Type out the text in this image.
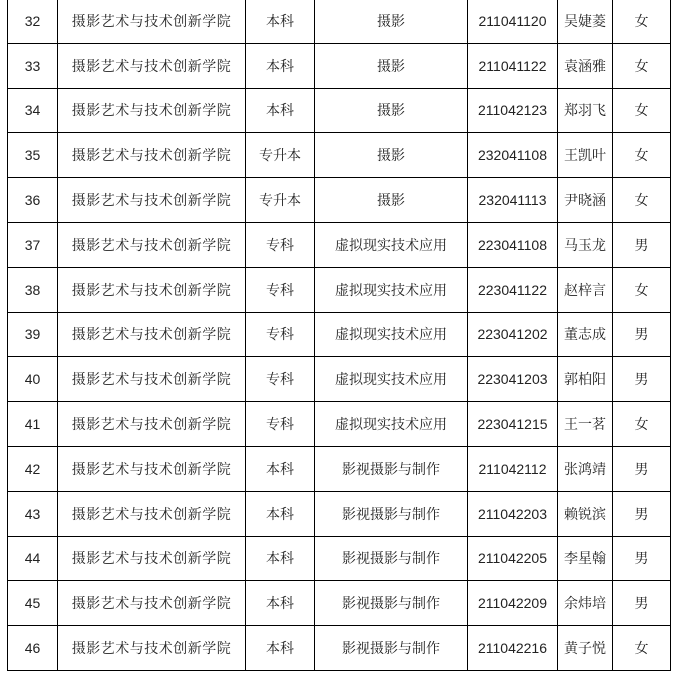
32	摄影艺术与技术创新学院	本科	摄影	211041120	吴婕菱	女
33	摄影艺术与技术创新学院	本科	摄影	211041122	袁涵雅	女
34	摄影艺术与技术创新学院	本科	摄影	211042123	郑羽飞	女
35	摄影艺术与技术创新学院	专升本	摄影	232041108	王凯叶	女
36	摄影艺术与技术创新学院	专升本	摄影	232041113	尹晓涵	女
37	摄影艺术与技术创新学院	专科	虚拟现实技术应用	223041108	马玉龙	男
38	摄影艺术与技术创新学院	专科	虚拟现实技术应用	223041122	赵梓言	女
39	摄影艺术与技术创新学院	专科	虚拟现实技术应用	223041202	董志成	男
40	摄影艺术与技术创新学院	专科	虚拟现实技术应用	223041203	郭柏阳	男
41	摄影艺术与技术创新学院	专科	虚拟现实技术应用	223041215	王一茗	女
42	摄影艺术与技术创新学院	本科	影视摄影与制作	211042112	张鸿靖	男
43	摄影艺术与技术创新学院	本科	影视摄影与制作	211042203	赖锐滨	男
44	摄影艺术与技术创新学院	本科	影视摄影与制作	211042205	李星翰	男
45	摄影艺术与技术创新学院	本科	影视摄影与制作	211042209	余炜培	男
46	摄影艺术与技术创新学院	本科	影视摄影与制作	211042216	黄子悦	女
